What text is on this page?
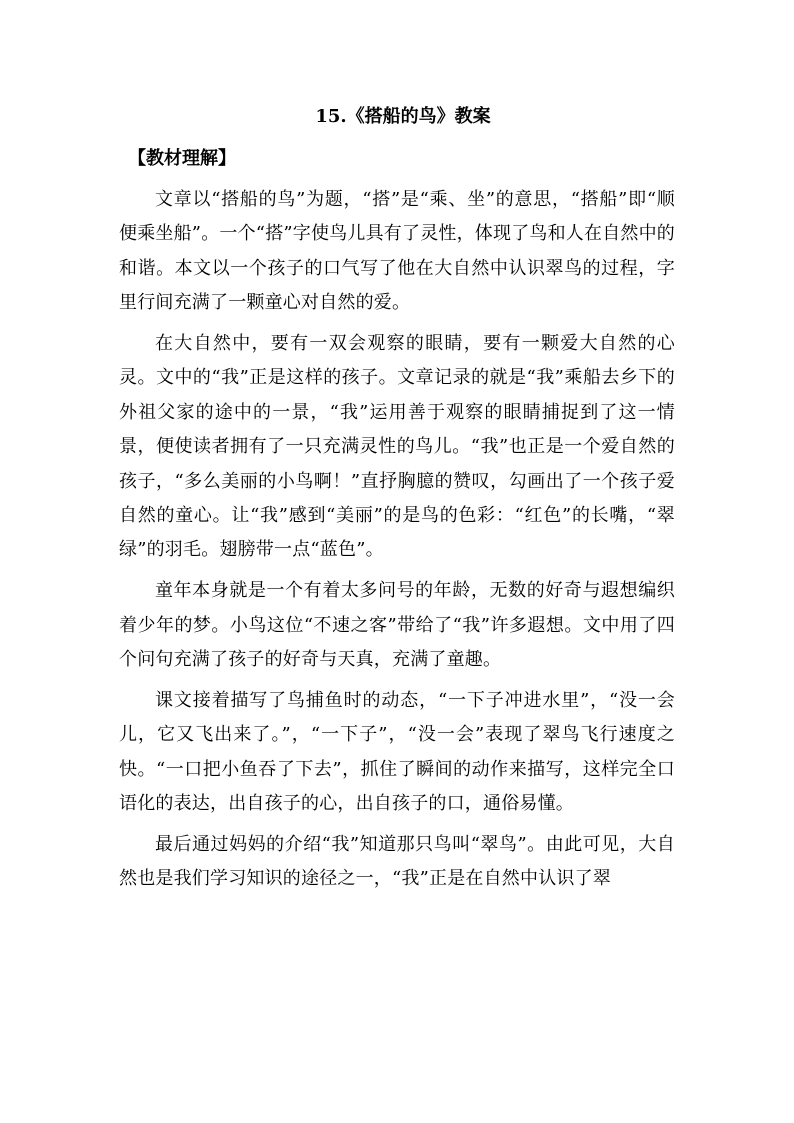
15.《搭船的鸟》教案
【教材理解】

文章以“搭船的鸟”为题，“搭”是“乘、坐”的意思，“搭船”即“顺便乘坐船”。一个“搭”字使鸟儿具有了灵性，体现了鸟和人在自然中的和谐。本文以一个孩子的口气写了他在大自然中认识翠鸟的过程，字里行间充满了一颗童心对自然的爱。

在大自然中，要有一双会观察的眼睛，要有一颗爱大自然的心灵。文中的“我”正是这样的孩子。文章记录的就是“我”乘船去乡下的外祖父家的途中的一景，“我”运用善于观察的眼睛捕捉到了这一情景，便使读者拥有了一只充满灵性的鸟儿。“我”也正是一个爱自然的孩子，“多么美丽的小鸟啊！”直抒胸臆的赞叹，勾画出了一个孩子爱自然的童心。让“我”感到“美丽”的是鸟的色彩：“红色”的长嘴，“翠绿”的羽毛。翅膀带一点“蓝色”。

童年本身就是一个有着太多问号的年龄，无数的好奇与遐想编织着少年的梦。小鸟这位“不速之客”带给了“我”许多遐想。文中用了四个问句充满了孩子的好奇与天真，充满了童趣。

课文接着描写了鸟捕鱼时的动态，“一下子冲进水里”，“没一会儿，它又飞出来了。”，“一下子”，“没一会”表现了翠鸟飞行速度之快。“一口把小鱼吞了下去”，抓住了瞬间的动作来描写，这样完全口语化的表达，出自孩子的心，出自孩子的口，通俗易懂。

最后通过妈妈的介绍“我”知道那只鸟叫“翠鸟”。由此可见，大自然也是我们学习知识的途径之一，“我”正是在自然中认识了翠
